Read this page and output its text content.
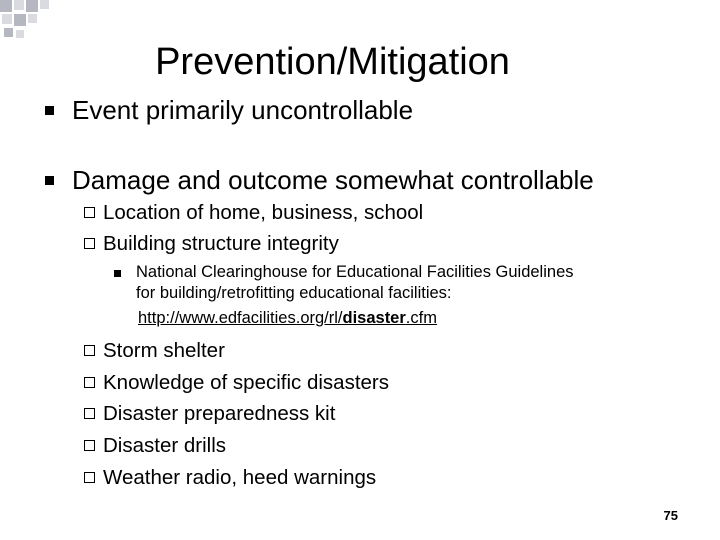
Prevention/Mitigation
Event primarily uncontrollable
Damage and outcome somewhat controllable
Location of home, business, school
Building structure integrity
National Clearinghouse for Educational Facilities Guidelines
for building/retrofitting educational facilities:
http://www.edfacilities.org/rl/disaster.cfm
Storm shelter
Knowledge of specific disasters
Disaster preparedness kit
Disaster drills
Weather radio, heed warnings
75
